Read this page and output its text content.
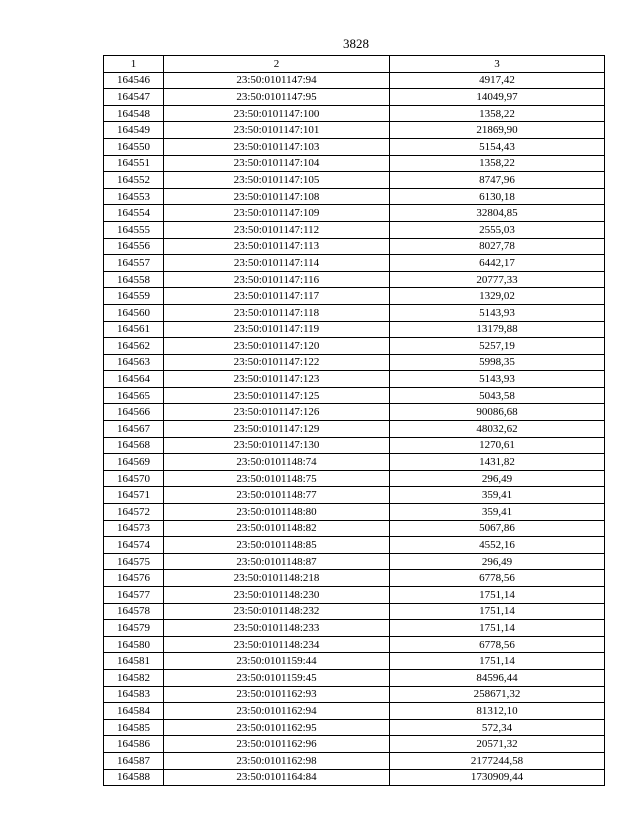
3828
1	2	3
164546	23:50:0101147:94	4917,42
164547	23:50:0101147:95	14049,97
164548	23:50:0101147:100	1358,22
164549	23:50:0101147:101	21869,90
164550	23:50:0101147:103	5154,43
164551	23:50:0101147:104	1358,22
164552	23:50:0101147:105	8747,96
164553	23:50:0101147:108	6130,18
164554	23:50:0101147:109	32804,85
164555	23:50:0101147:112	2555,03
164556	23:50:0101147:113	8027,78
164557	23:50:0101147:114	6442,17
164558	23:50:0101147:116	20777,33
164559	23:50:0101147:117	1329,02
164560	23:50:0101147:118	5143,93
164561	23:50:0101147:119	13179,88
164562	23:50:0101147:120	5257,19
164563	23:50:0101147:122	5998,35
164564	23:50:0101147:123	5143,93
164565	23:50:0101147:125	5043,58
164566	23:50:0101147:126	90086,68
164567	23:50:0101147:129	48032,62
164568	23:50:0101147:130	1270,61
164569	23:50:0101148:74	1431,82
164570	23:50:0101148:75	296,49
164571	23:50:0101148:77	359,41
164572	23:50:0101148:80	359,41
164573	23:50:0101148:82	5067,86
164574	23:50:0101148:85	4552,16
164575	23:50:0101148:87	296,49
164576	23:50:0101148:218	6778,56
164577	23:50:0101148:230	1751,14
164578	23:50:0101148:232	1751,14
164579	23:50:0101148:233	1751,14
164580	23:50:0101148:234	6778,56
164581	23:50:0101159:44	1751,14
164582	23:50:0101159:45	84596,44
164583	23:50:0101162:93	258671,32
164584	23:50:0101162:94	81312,10
164585	23:50:0101162:95	572,34
164586	23:50:0101162:96	20571,32
164587	23:50:0101162:98	2177244,58
164588	23:50:0101164:84	1730909,44
